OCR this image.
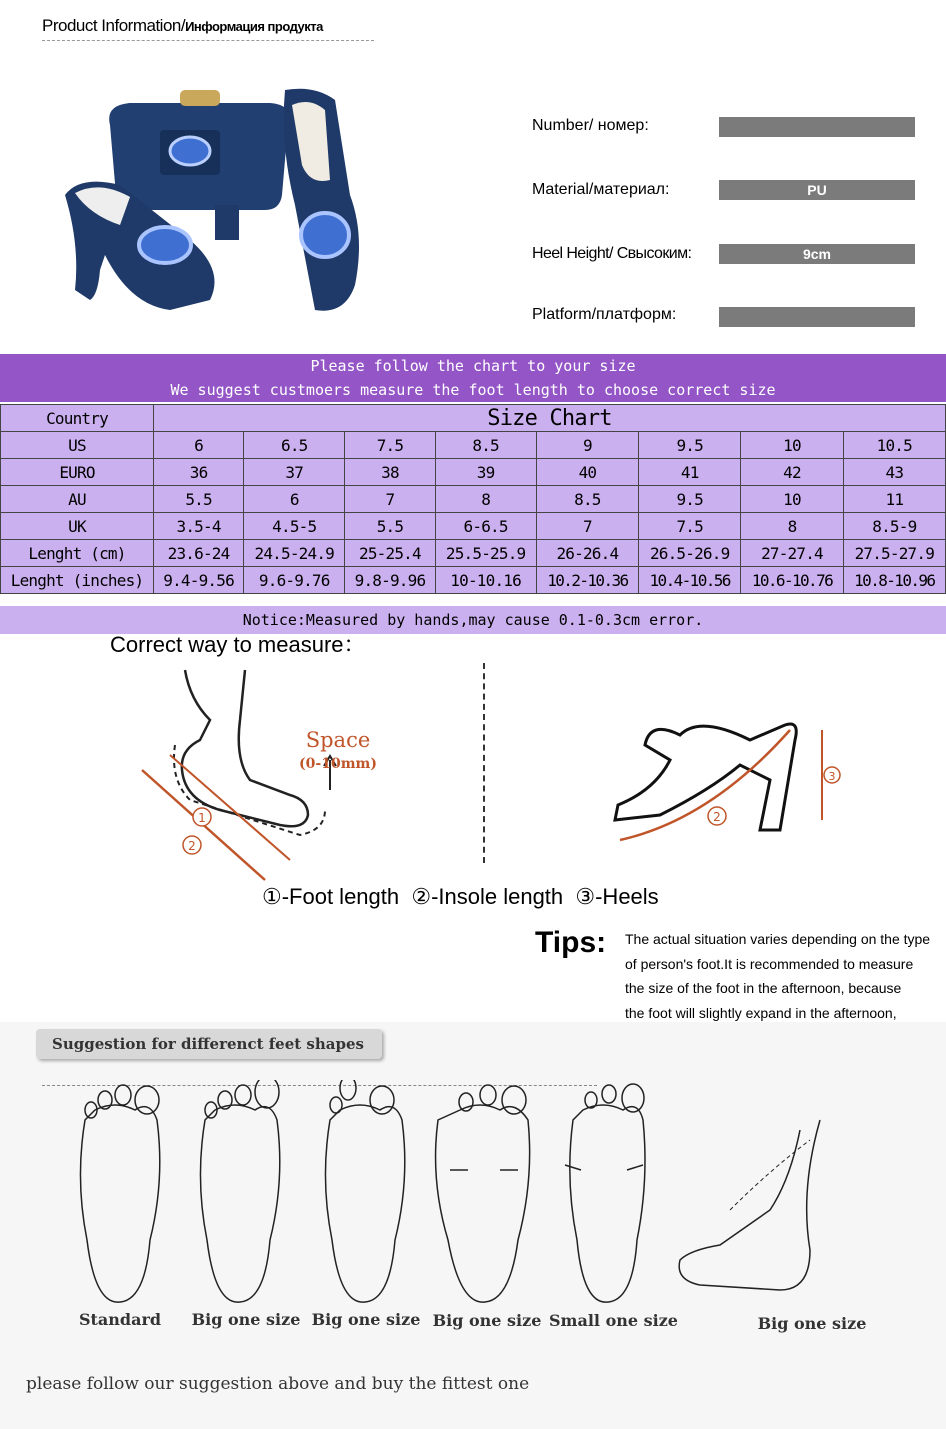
Product Information/Информация продукта
Number/ номер:
Material/материал:	PU
Heel Height/ Свысоким:	9cm
Platform/платформ:
Please follow the chart to your size
We suggest custmoers measure the foot length to choose correct size
Country	Size Chart							
US	6	6.5	7.5	8.5	9	9.5	10	10.5
EURO	36	37	38	39	40	41	42	43
AU	5.5	6	7	8	8.5	9.5	10	11
UK	3.5-4	4.5-5	5.5	6-6.5	7	7.5	8	8.5-9
Lenght (cm)	23.6-24	24.5-24.9	25-25.4	25.5-25.9	26-26.4	26.5-26.9	27-27.4	27.5-27.9
Lenght (inches)	9.4-9.56	9.6-9.76	9.8-9.96	10-10.16	10.2-10.36	10.4-10.56	10.6-10.76	10.8-10.96
Notice:Measured by hands,may cause 0.1-0.3cm error.
Correct way to measure：
1
2
Space
(0-10mm)
2
3
①-Foot length  ②-Insole length  ③-Heels
Tips: The actual situation varies depending on the type
of person's foot.It is recommended to measure
the size of the foot in the afternoon, because
the foot will slightly expand in the afternoon,
Suggestion for differenct feet shapes
Standard	Big one size Big one size Big one size Small one size	Big one size
please follow our suggestion above and buy the fittest one
